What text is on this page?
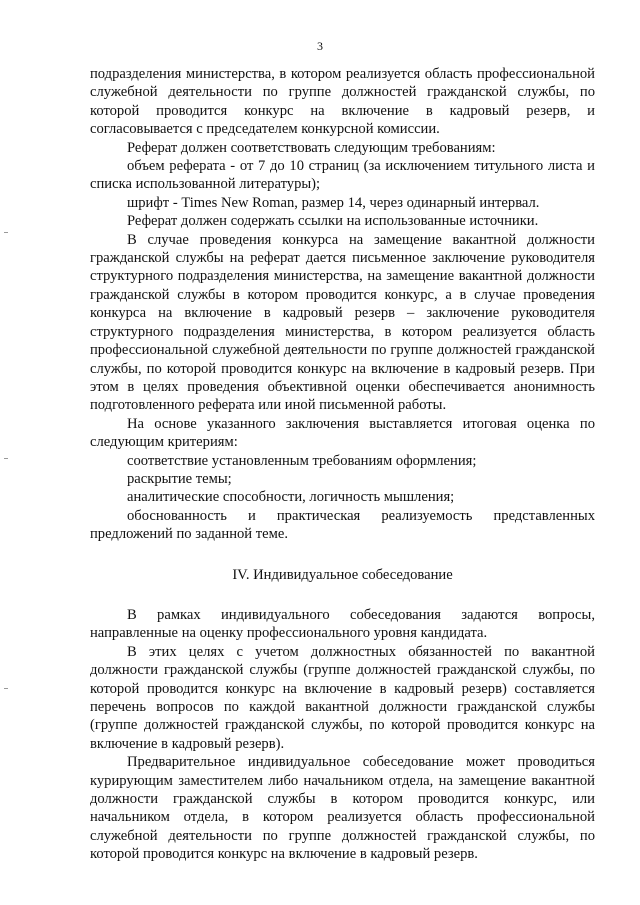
3

подразделения министерства, в котором реализуется область профессиональной служебной деятельности по группе должностей гражданской службы, по которой проводится конкурс на включение в кадровый резерв, и согласовывается с председателем конкурсной комиссии.

Реферат должен соответствовать следующим требованиям:

объем реферата - от 7 до 10 страниц (за исключением титульного листа и списка использованной литературы);

шрифт - Times New Roman, размер 14, через одинарный интервал.

Реферат должен содержать ссылки на использованные источники.

В случае проведения конкурса на замещение вакантной должности гражданской службы на реферат дается письменное заключение руководителя структурного подразделения министерства, на замещение вакантной должности гражданской службы в котором проводится конкурс, а в случае проведения конкурса на включение в кадровый резерв – заключение руководителя структурного подразделения министерства, в котором реализуется область профессиональной служебной деятельности по группе должностей гражданской службы, по которой проводится конкурс на включение в кадровый резерв. При этом в целях проведения объективной оценки обеспечивается анонимность подготовленного реферата или иной письменной работы.

На основе указанного заключения выставляется итоговая оценка по следующим критериям:

соответствие установленным требованиям оформления;

раскрытие темы;

аналитические способности, логичность мышления;

обоснованность и практическая реализуемость представленных предложений по заданной теме.

IV. Индивидуальное собеседование

В рамках индивидуального собеседования задаются вопросы, направленные на оценку профессионального уровня кандидата.

В этих целях с учетом должностных обязанностей по вакантной должности гражданской службы (группе должностей гражданской службы, по которой проводится конкурс на включение в кадровый резерв) составляется перечень вопросов по каждой вакантной должности гражданской службы (группе должностей гражданской службы, по которой проводится конкурс на включение в кадровый резерв).

Предварительное индивидуальное собеседование может проводиться курирующим заместителем либо начальником отдела, на замещение вакантной должности гражданской службы в котором проводится конкурс, или начальником отдела, в котором реализуется область профессиональной служебной деятельности по группе должностей гражданской службы, по которой проводится конкурс на включение в кадровый резерв.
